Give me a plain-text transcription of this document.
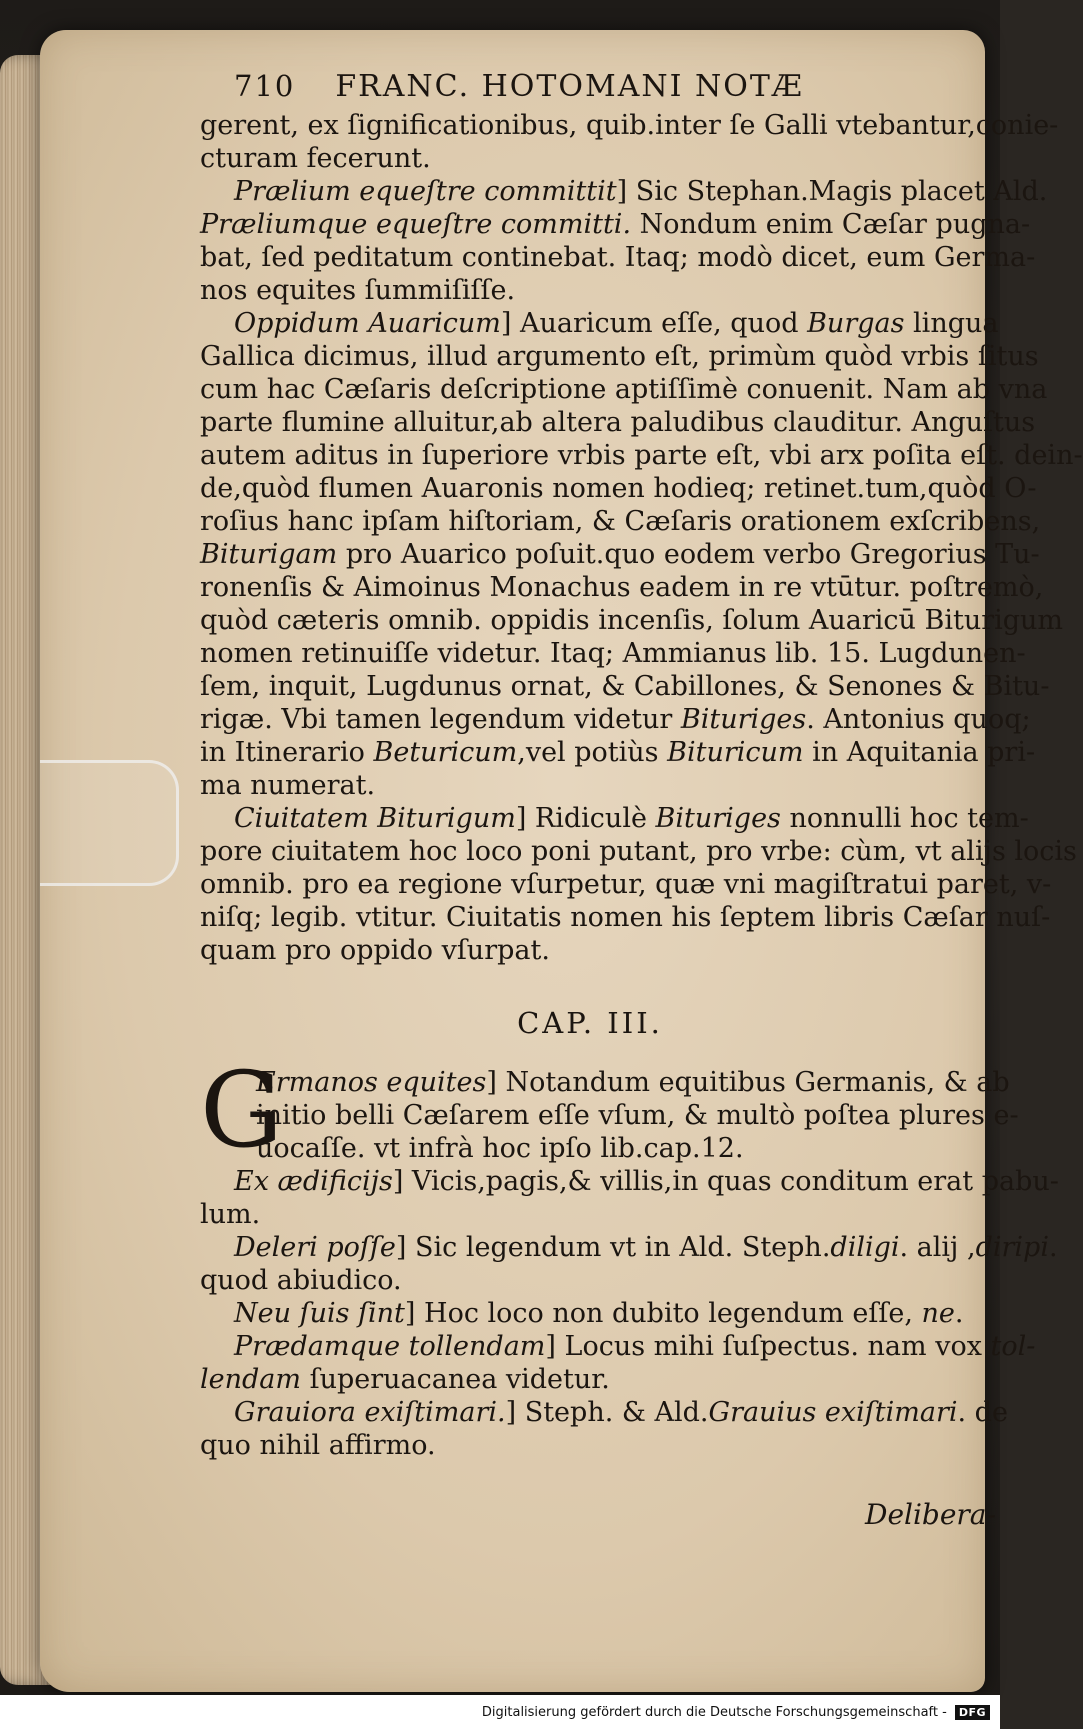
710 FRANC. HOTOMANI NOTÆ
gerent, ex ſignificationibus, quib.inter ſe Galli vtebantur,conie-
cturam fecerunt.
Prælium equeſtre committit] Sic Stephan.Magis placet Ald.
Præliumque equeſtre committi. Nondum enim Cæſar pugna-
bat, ſed peditatum continebat. Itaq; modò dicet, eum Germa-
nos equites ſummiſiſſe.
Oppidum Auaricum] Auaricum eſſe, quod Burgas lingua
Gallica dicimus, illud argumento eſt, primùm quòd vrbis ſitus
cum hac Cæſaris deſcriptione aptiſſimè conuenit. Nam ab vna
parte flumine alluitur,ab altera paludibus clauditur. Anguſtus
autem aditus in ſuperiore vrbis parte eſt, vbi arx poſita eſt. dein-
de,quòd flumen Auaronis nomen hodieq; retinet.tum,quòd O-
roſius hanc ipſam hiſtoriam, & Cæſaris orationem exſcribens,
Biturigam pro Auarico poſuit.quo eodem verbo Gregorius Tu-
ronenſis & Aimoinus Monachus eadem in re vtūtur. poſtremò,
quòd cæteris omnib. oppidis incenſis, ſolum Auaricū Biturigum
nomen retinuiſſe videtur. Itaq; Ammianus lib. 15. Lugdunen-
ſem, inquit, Lugdunus ornat, & Cabillones, & Senones & Bitu-
rigæ. Vbi tamen legendum videtur Bituriges. Antonius quoq;
in Itinerario Beturicum,vel potiùs Bituricum in Aquitania pri-
ma numerat.
Ciuitatem Biturigum] Ridiculè Bituriges nonnulli hoc tem-
pore ciuitatem hoc loco poni putant, pro vrbe: cùm, vt alijs locis
omnib. pro ea regione vſurpetur, quæ vni magiſtratui paret, v-
niſq; legib. vtitur. Ciuitatis nomen his ſeptem libris Cæſar nuſ-
quam pro oppido vſurpat.
CAP. III.
G
Ermanos equites] Notandum equitibus Germanis, & ab
initio belli Cæſarem eſſe vſum, & multò poſtea plures e-
uocaſſe. vt infrà hoc ipſo lib.cap.12.
Ex ædificijs] Vicis,pagis,& villis,in quas conditum erat pabu-
lum.
Deleri poſſe] Sic legendum vt in Ald. Steph.diligi. alij ,diripi.
quod abiudico.
Neu ſuis ſint] Hoc loco non dubito legendum eſſe, ne.
Prædamque tollendam] Locus mihi ſuſpectus. nam vox tol-
lendam ſuperuacanea videtur.
Grauiora exiſtimari.] Steph. & Ald.Grauius exiſtimari. de
quo nihil affirmo.
Delibera-
Digitalisierung gefördert durch die Deutsche Forschungsgemeinschaft -	DFG
